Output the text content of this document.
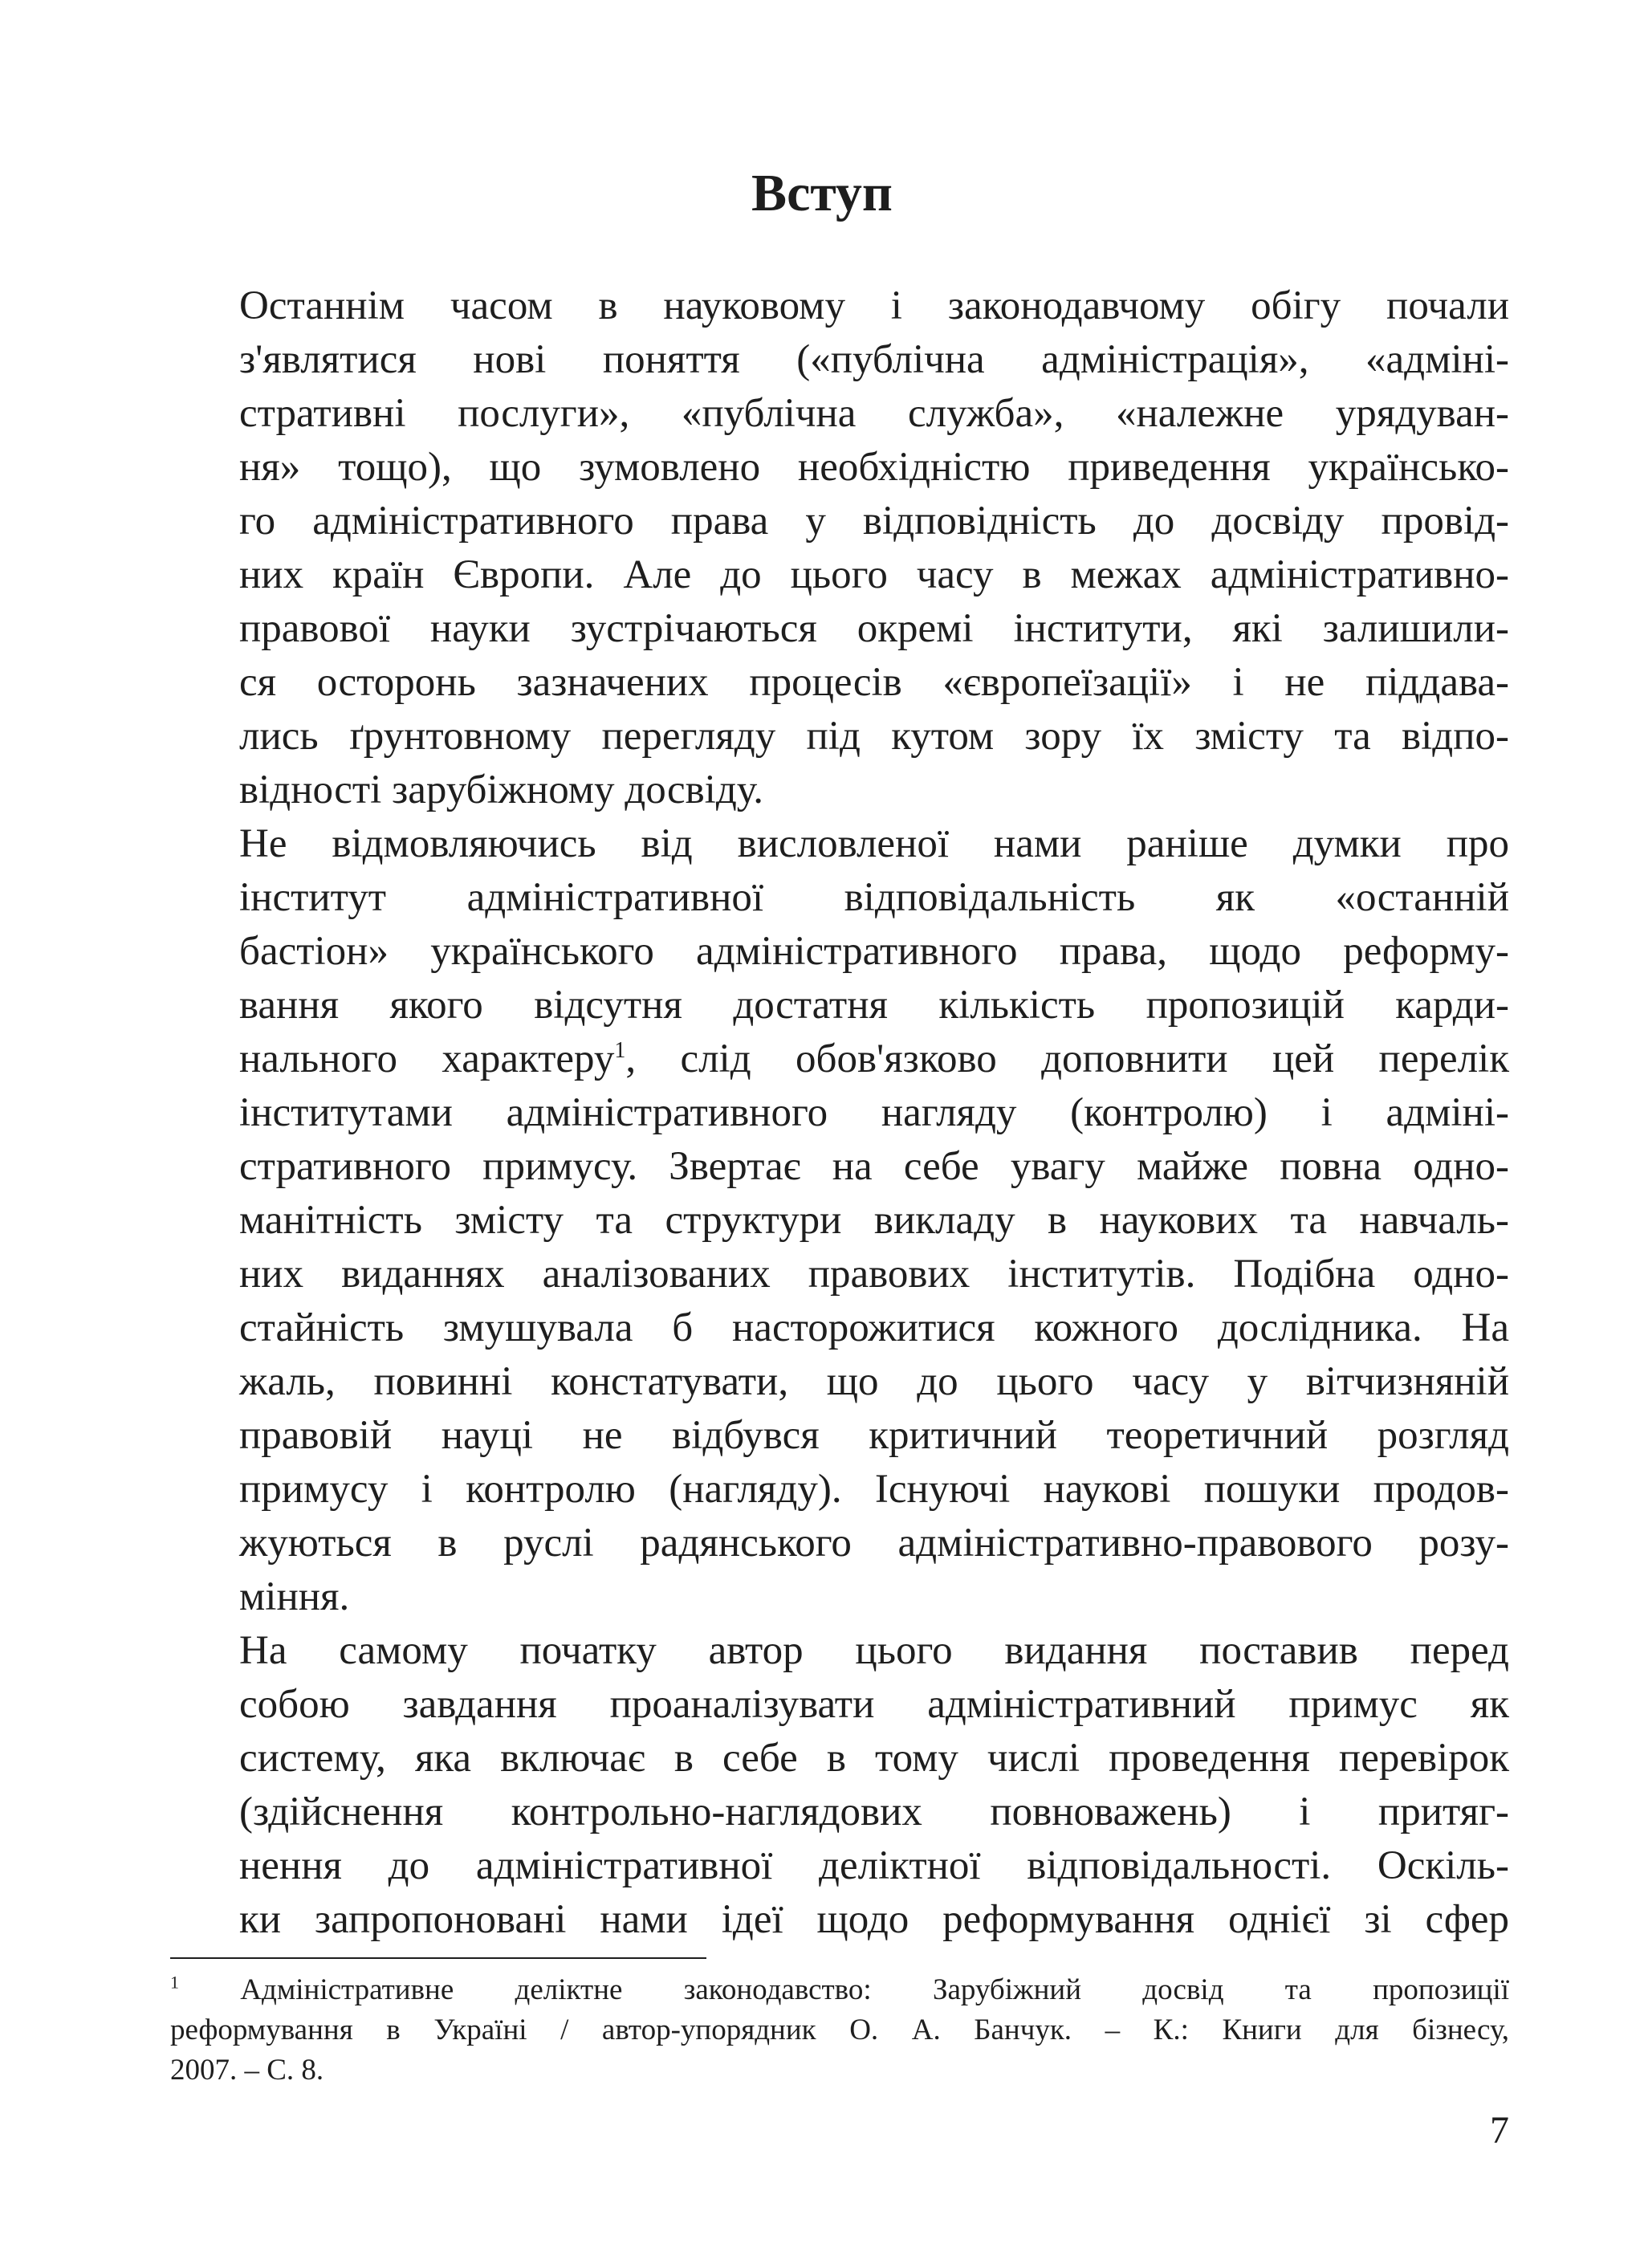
Вступ

Останнім часом в науковому і законодавчому обігу почали
з'являтися нові поняття («публічна адміністрація», «адміні-
стративні послуги», «публічна служба», «належне урядуван-
ня» тощо), що зумовлено необхідністю приведення українсько-
го адміністративного права у відповідність до досвіду провід-
них країн Європи. Але до цього часу в межах адміністративно-
правової науки зустрічаються окремі інститути, які залишили-
ся осторонь зазначених процесів «європеїзації» і не піддава-
лись ґрунтовному перегляду під кутом зору їх змісту та відпо-
відності зарубіжному досвіду.

Не відмовляючись від висловленої нами раніше думки про
інститут адміністративної відповідальність як «останній
бастіон» українського адміністративного права, щодо реформу-
вання якого відсутня достатня кількість пропозицій карди-
нального характеру$^1$, слід обов'язково доповнити цей перелік
інститутами адміністративного нагляду (контролю) і адміні-
стративного примусу. Звертає на себе увагу майже повна одно-
манітність змісту та структури викладу в наукових та навчаль-
них виданнях аналізованих правових інститутів. Подібна одно-
стайність змушувала б насторожитися кожного дослідника. На
жаль, повинні констатувати, що до цього часу у вітчизняній
правовій науці не відбувся критичний теоретичний розгляд
примусу і контролю (нагляду). Існуючі наукові пошуки продов-
жуються в руслі радянського адміністративно-правового розу-
міння.

На самому початку автор цього видання поставив перед
собою завдання проаналізувати адміністративний примус як
систему, яка включає в себе в тому числі проведення перевірок
(здійснення контрольно-наглядових повноважень) і притяг-
нення до адміністративної деліктної відповідальності. Оскіль-
ки запропоновані нами ідеї щодо реформування однієї зі сфер

$^1$ Адміністративне деліктне законодавство: Зарубіжний досвід та пропозиції
реформування в Україні / автор-упорядник О. А. Банчук. – К.: Книги для бізнесу,
2007. – С. 8.
7
